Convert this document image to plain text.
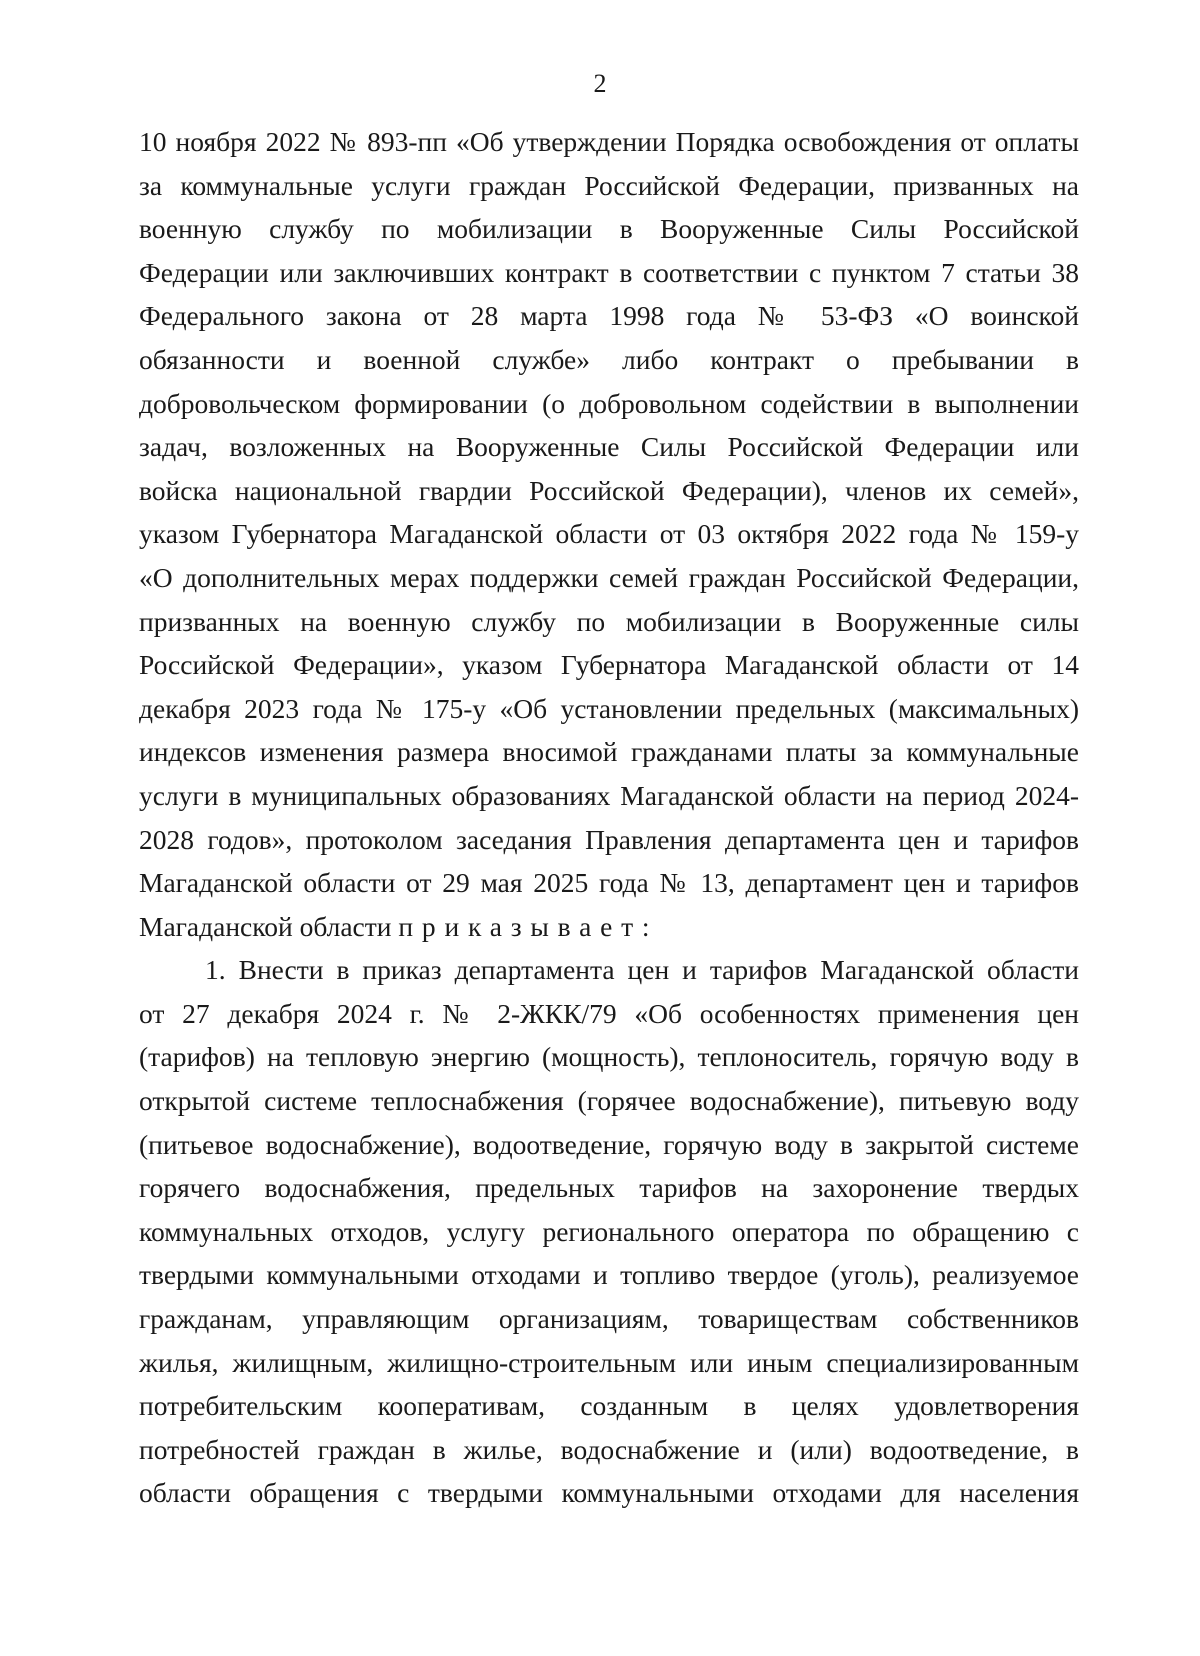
2
10 ноября 2022 № 893-пп «Об утверждении Порядка освобождения от оплаты
за коммунальные услуги граждан Российской Федерации, призванных на
военную службу по мобилизации в Вооруженные Силы Российской
Федерации или заключивших контракт в соответствии с пунктом 7 статьи 38
Федерального закона от 28 марта 1998 года № 53-ФЗ «О воинской
обязанности и военной службе» либо контракт о пребывании в
добровольческом формировании (о добровольном содействии в выполнении
задач, возложенных на Вооруженные Силы Российской Федерации или
войска национальной гвардии Российской Федерации), членов их семей»,
указом Губернатора Магаданской области от 03 октября 2022 года № 159-у
«О дополнительных мерах поддержки семей граждан Российской Федерации,
призванных на военную службу по мобилизации в Вооруженные силы
Российской Федерации», указом Губернатора Магаданской области от 14
декабря 2023 года № 175-у «Об установлении предельных (максимальных)
индексов изменения размера вносимой гражданами платы за коммунальные
услуги в муниципальных образованиях Магаданской области на период 2024-
2028 годов», протоколом заседания Правления департамента цен и тарифов
Магаданской области от 29 мая 2025 года № 13, департамент цен и тарифов
Магаданской области приказывает:
1. Внести в приказ департамента цен и тарифов Магаданской области
от 27 декабря 2024 г. № 2-ЖКК/79 «Об особенностях применения цен
(тарифов) на тепловую энергию (мощность), теплоноситель, горячую воду в
открытой системе теплоснабжения (горячее водоснабжение), питьевую воду
(питьевое водоснабжение), водоотведение, горячую воду в закрытой системе
горячего водоснабжения, предельных тарифов на захоронение твердых
коммунальных отходов, услугу регионального оператора по обращению с
твердыми коммунальными отходами и топливо твердое (уголь), реализуемое
гражданам, управляющим организациям, товариществам собственников
жилья, жилищным, жилищно-строительным или иным специализированным
потребительским кооперативам, созданным в целях удовлетворения
потребностей граждан в жилье, водоснабжение и (или) водоотведение, в
области обращения с твердыми коммунальными отходами для населения
